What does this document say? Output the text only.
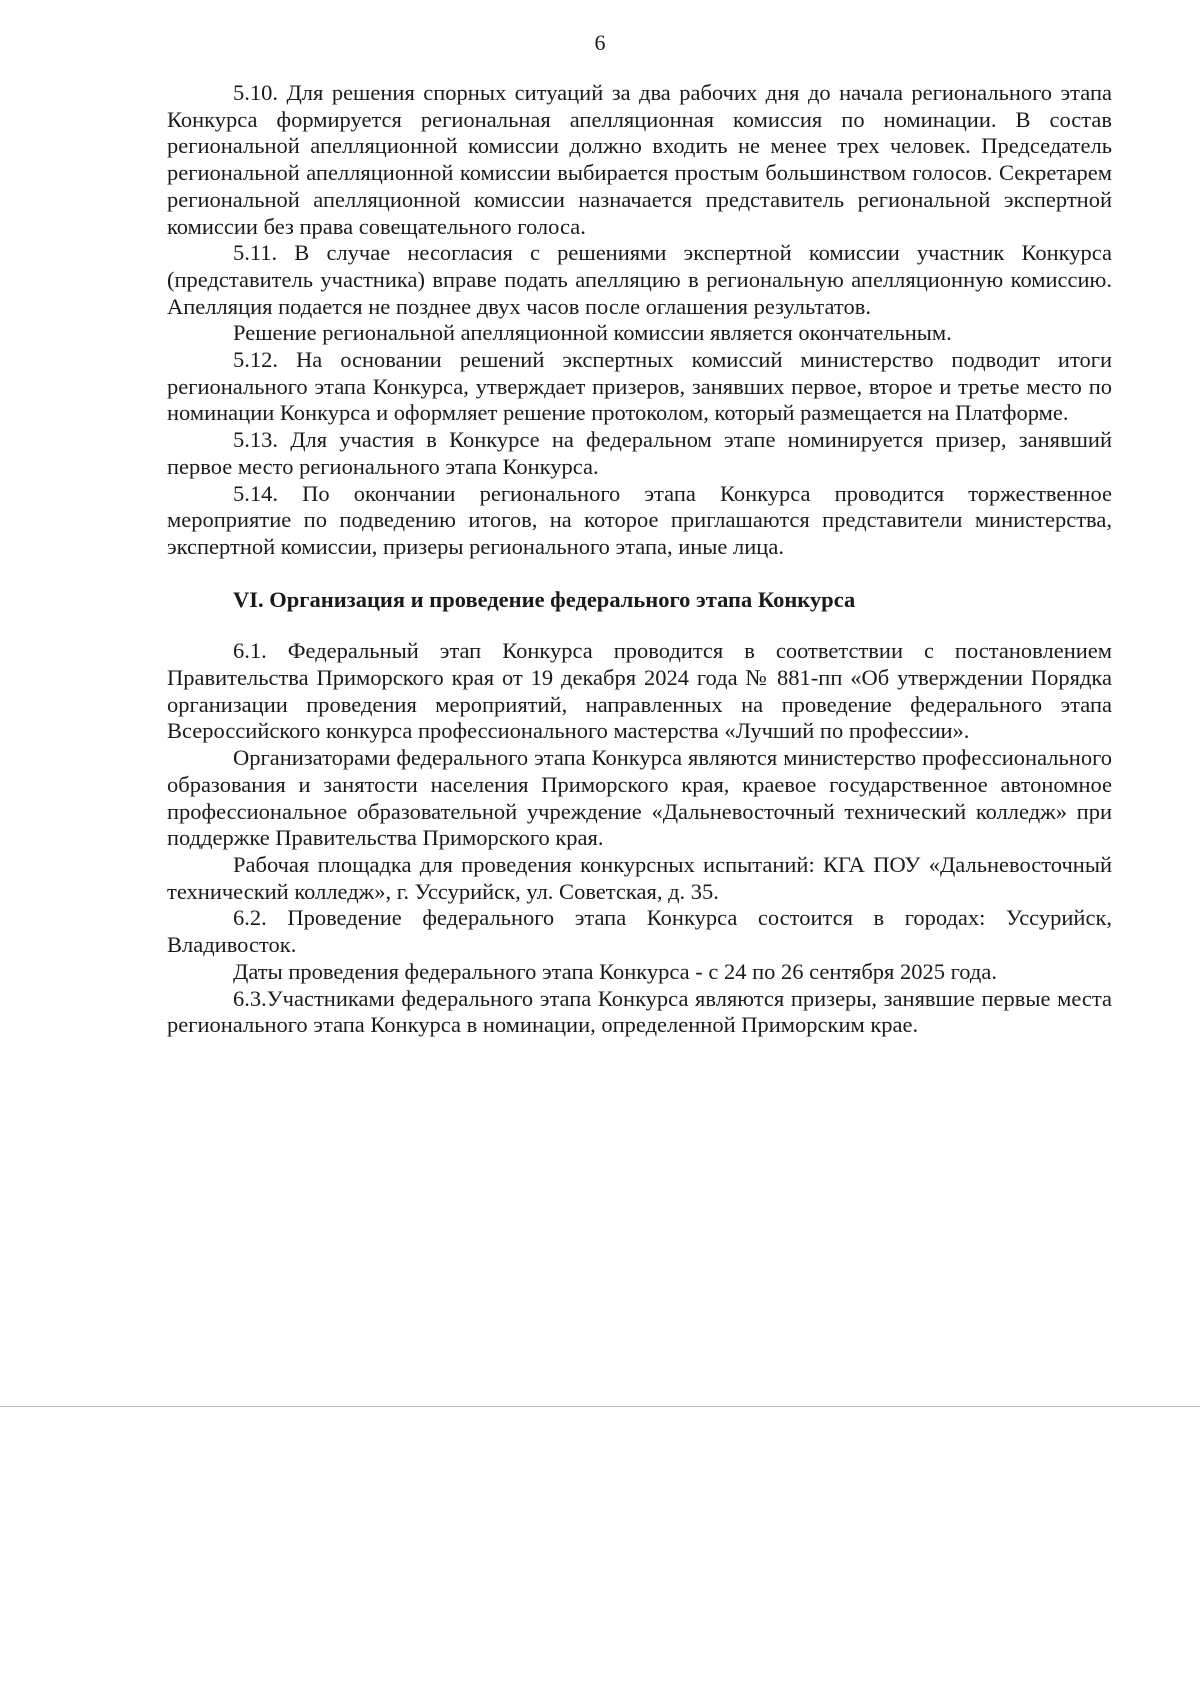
6

5.10. Для решения спорных ситуаций за два рабочих дня до начала регионального этапа Конкурса формируется региональная апелляционная комиссия по номинации. В состав региональной апелляционной комиссии должно входить не менее трех человек. Председатель региональной апелляционной комиссии выбирается простым большинством голосов. Секретарем региональной апелляционной комиссии назначается представитель региональной экспертной комиссии без права совещательного голоса.

5.11. В случае несогласия с решениями экспертной комиссии участник Конкурса (представитель участника) вправе подать апелляцию в региональную апелляционную комиссию. Апелляция подается не позднее двух часов после оглашения результатов.

Решение региональной апелляционной комиссии является окончательным.

5.12. На основании решений экспертных комиссий министерство подводит итоги регионального этапа Конкурса, утверждает призеров, занявших первое, второе и третье место по номинации Конкурса и оформляет решение протоколом, который размещается на Платформе.

5.13. Для участия в Конкурсе на федеральном этапе номинируется призер, занявший первое место регионального этапа Конкурса.

5.14. По окончании регионального этапа Конкурса проводится торжественное мероприятие по подведению итогов, на которое приглашаются представители министерства, экспертной комиссии, призеры регионального этапа, иные лица.

VI. Организация и проведение федерального этапа Конкурса

6.1. Федеральный этап Конкурса проводится в соответствии с постановлением Правительства Приморского края от 19 декабря 2024 года № 881-пп «Об утверждении Порядка организации проведения мероприятий, направленных на проведение федерального этапа Всероссийского конкурса профессионального мастерства «Лучший по профессии».

Организаторами федерального этапа Конкурса являются министерство профессионального образования и занятости населения Приморского края, краевое государственное автономное профессиональное образовательной учреждение «Дальневосточный технический колледж» при поддержке Правительства Приморского края.

Рабочая площадка для проведения конкурсных испытаний: КГА ПОУ «Дальневосточный технический колледж», г. Уссурийск, ул. Советская, д. 35.

6.2. Проведение федерального этапа Конкурса состоится в городах: Уссурийск, Владивосток.

Даты проведения федерального этапа Конкурса - с 24 по 26 сентября 2025 года.

6.3.Участниками федерального этапа Конкурса являются призеры, занявшие первые места регионального этапа Конкурса в номинации, определенной Приморским крае.
